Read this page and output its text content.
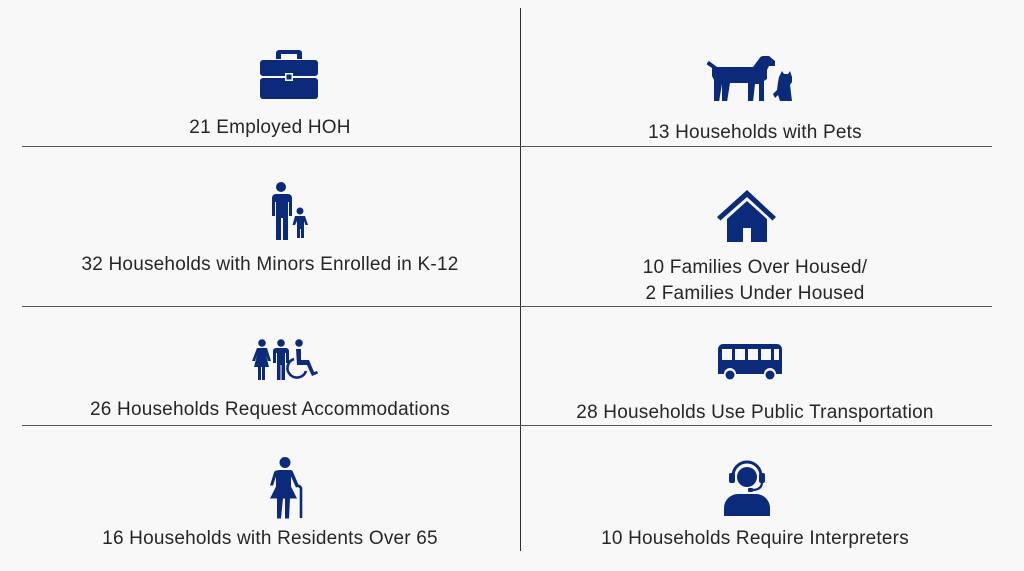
21 Employed HOH	13 Households with Pets
32 Households with Minors Enrolled in K-12	10 Families Over Housed/
2 Families Under Housed
26 Households Request Accommodations	28 Households Use Public Transportation
16 Households with Residents Over 65	10 Households Require Interpreters
